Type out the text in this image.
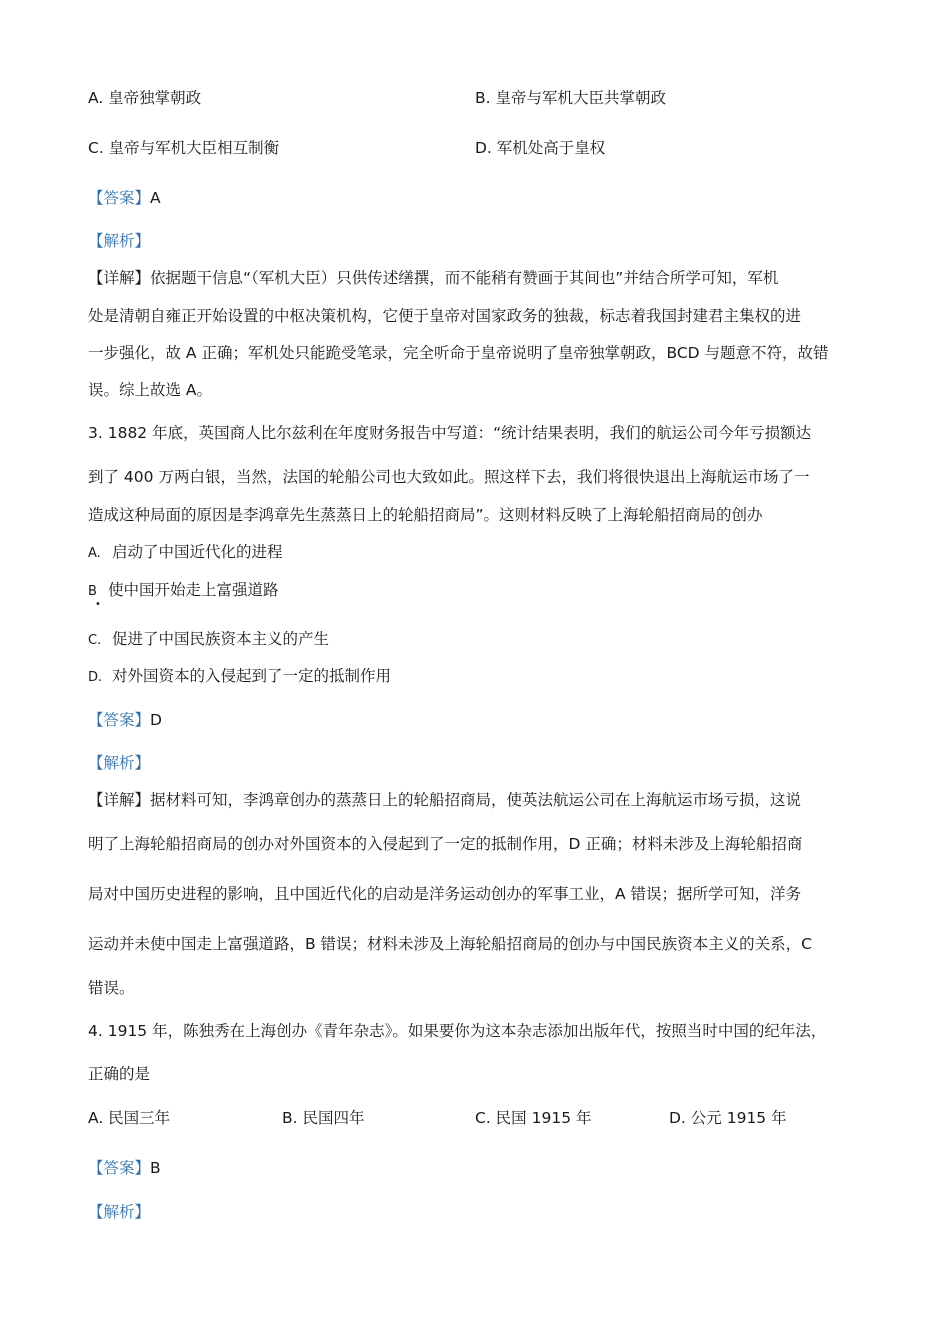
A. 皇帝独掌朝政	B. 皇帝与军机大臣共掌朝政
C. 皇帝与军机大臣相互制衡	D. 军机处高于皇权
【答案】A
【解析】
【详解】依据题干信息“（军机大臣）只供传述缮撰，而不能稍有赞画于其间也”并结合所学可知，军机
处是清朝自雍正开始设置的中枢决策机构，它便于皇帝对国家政务的独裁，标志着我国封建君主集权的进
一步强化，故 A 正确；军机处只能跪受笔录，完全听命于皇帝说明了皇帝独掌朝政，BCD 与题意不符，故错
误。综上故选 A。
3. 1882 年底，英国商人比尔兹利在年度财务报告中写道：“统计结果表明，我们的航运公司今年亏损额达
到了 400 万两白银，当然，法国的轮船公司也大致如此。照这样下去，我们将很快退出上海航运市场了一
造成这种局面的原因是李鸿章先生蒸蒸日上的轮船招商局”。这则材料反映了上海轮船招商局的创办
A. 启动了中国近代化的进程
B 使中国开始走上富强道路
•
C. 促进了中国民族资本主义的产生
D. 对外国资本的入侵起到了一定的抵制作用
【答案】D
【解析】
【详解】据材料可知，李鸿章创办的蒸蒸日上的轮船招商局，使英法航运公司在上海航运市场亏损，这说
明了上海轮船招商局的创办对外国资本的入侵起到了一定的抵制作用，D 正确；材料未涉及上海轮船招商
局对中国历史进程的影响，且中国近代化的启动是洋务运动创办的军事工业，A 错误；据所学可知，洋务
运动并未使中国走上富强道路，B 错误；材料未涉及上海轮船招商局的创办与中国民族资本主义的关系，C
错误。
4. 1915 年，陈独秀在上海创办《青年杂志》。如果要你为这本杂志添加出版年代，按照当时中国的纪年法，
正确的是
A. 民国三年	B. 民国四年	C. 民国 1915 年	D. 公元 1915 年
【答案】B
【解析】
